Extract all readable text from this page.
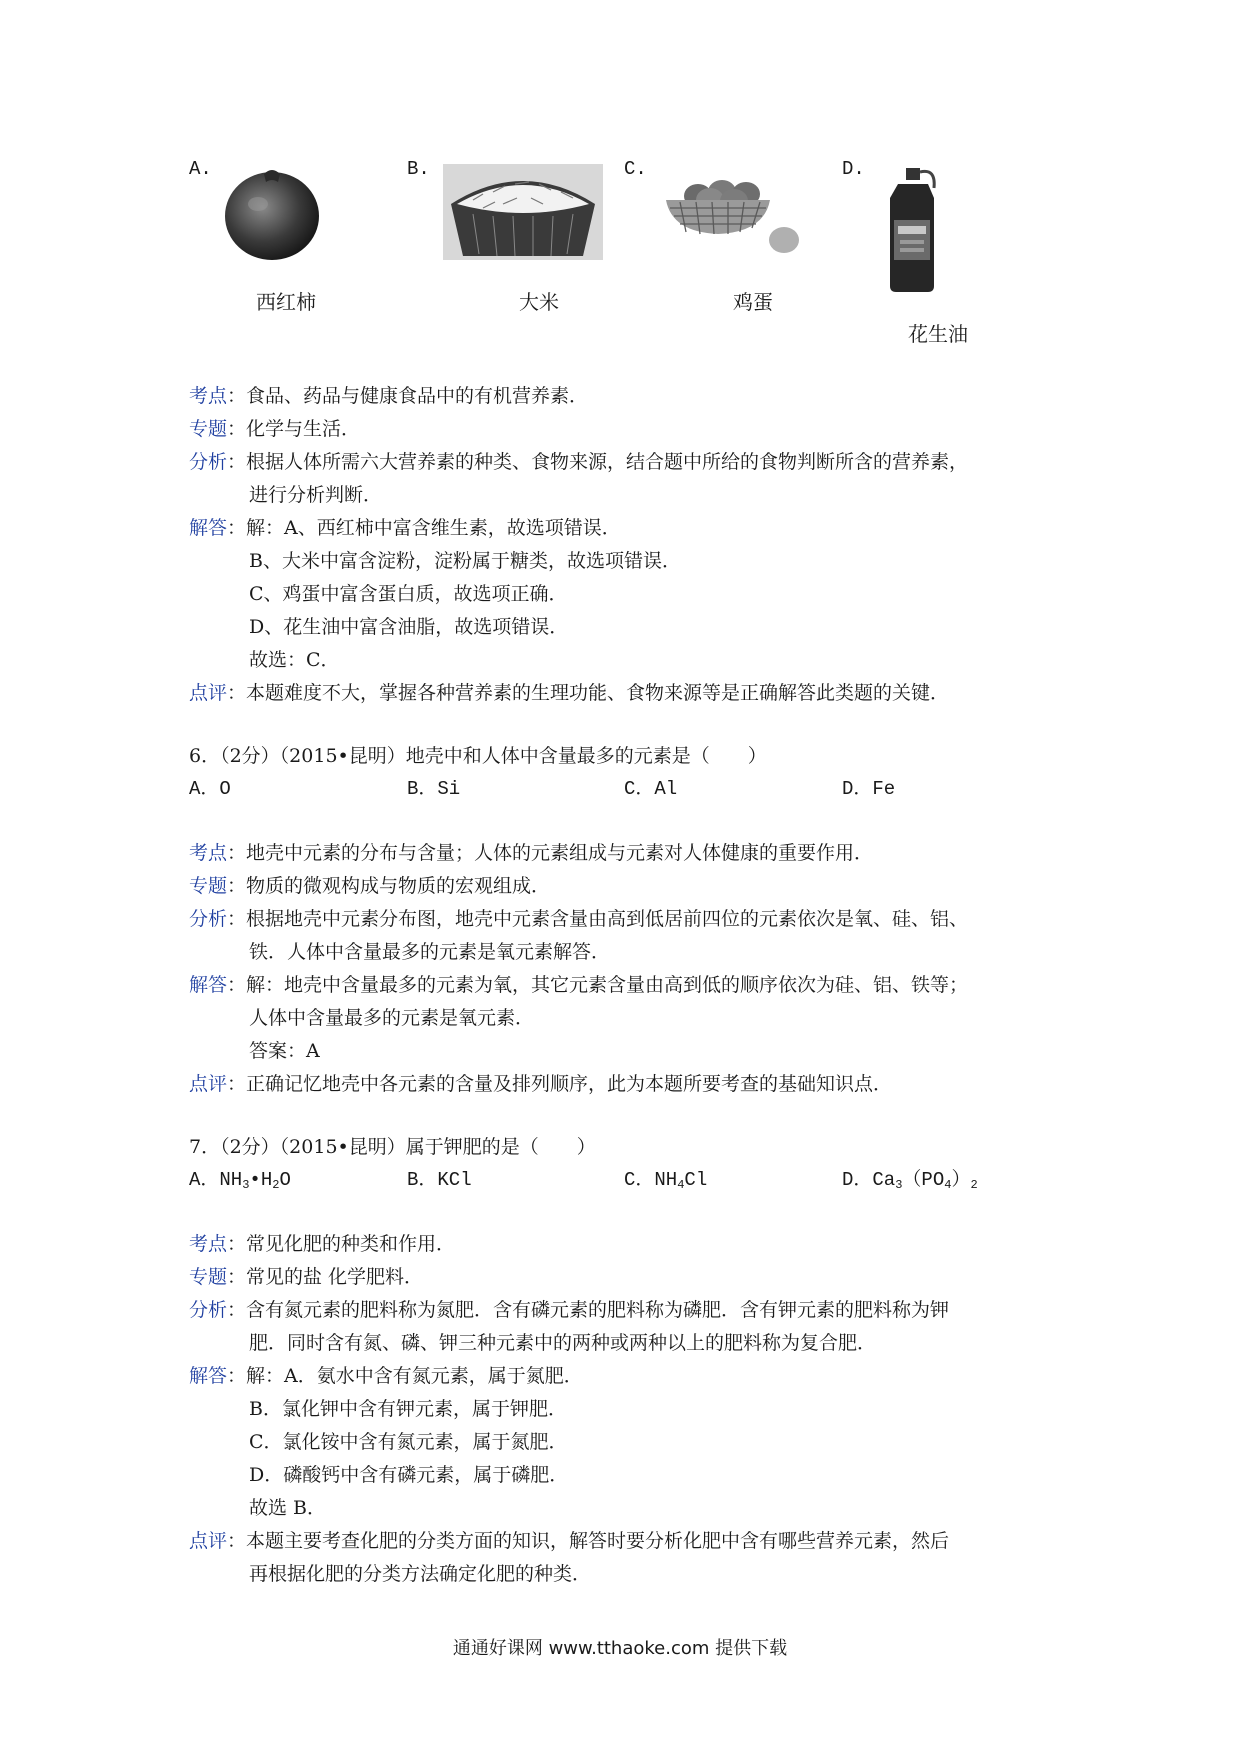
A.
西红柿
B.
大米
C.
鸡蛋
D.
花生油
考点：食品、药品与健康食品中的有机营养素．
专题：化学与生活．
分析：根据人体所需六大营养素的种类、食物来源，结合题中所给的食物判断所含的营养素，
进行分析判断．
解答：解：A、西红柿中富含维生素，故选项错误．
B、大米中富含淀粉，淀粉属于糖类，故选项错误．
C、鸡蛋中富含蛋白质，故选项正确．
D、花生油中富含油脂，故选项错误．
故选：C．
点评：本题难度不大，掌握各种营养素的生理功能、食物来源等是正确解答此类题的关键．
6．（2分）（2015•昆明）地壳中和人体中含量最多的元素是（　　）
A．O	B．Si	C．Al	D．Fe
考点：地壳中元素的分布与含量；人体的元素组成与元素对人体健康的重要作用．
专题：物质的微观构成与物质的宏观组成．
分析：根据地壳中元素分布图，地壳中元素含量由高到低居前四位的元素依次是氧、硅、铝、
铁．人体中含量最多的元素是氧元素解答．
解答：解：地壳中含量最多的元素为氧，其它元素含量由高到低的顺序依次为硅、铝、铁等；
人体中含量最多的元素是氧元素．
答案：A
点评：正确记忆地壳中各元素的含量及排列顺序，此为本题所要考查的基础知识点．
7．（2分）（2015•昆明）属于钾肥的是（　　）
A．$NH_3•H_2O$	B．KCl	C．$NH_4Cl$	D．$Ca_3(PO_4)_2$
考点：常见化肥的种类和作用．
专题：常见的盐 化学肥料．
分析：含有氮元素的肥料称为氮肥．含有磷元素的肥料称为磷肥．含有钾元素的肥料称为钾
肥．同时含有氮、磷、钾三种元素中的两种或两种以上的肥料称为复合肥．
解答：解：A．氨水中含有氮元素，属于氮肥．
B．氯化钾中含有钾元素，属于钾肥．
C．氯化铵中含有氮元素，属于氮肥．
D．磷酸钙中含有磷元素，属于磷肥．
故选 B．
点评：本题主要考查化肥的分类方面的知识，解答时要分析化肥中含有哪些营养元素，然后
再根据化肥的分类方法确定化肥的种类．
通通好课网 www.tthaoke.com 提供下载
